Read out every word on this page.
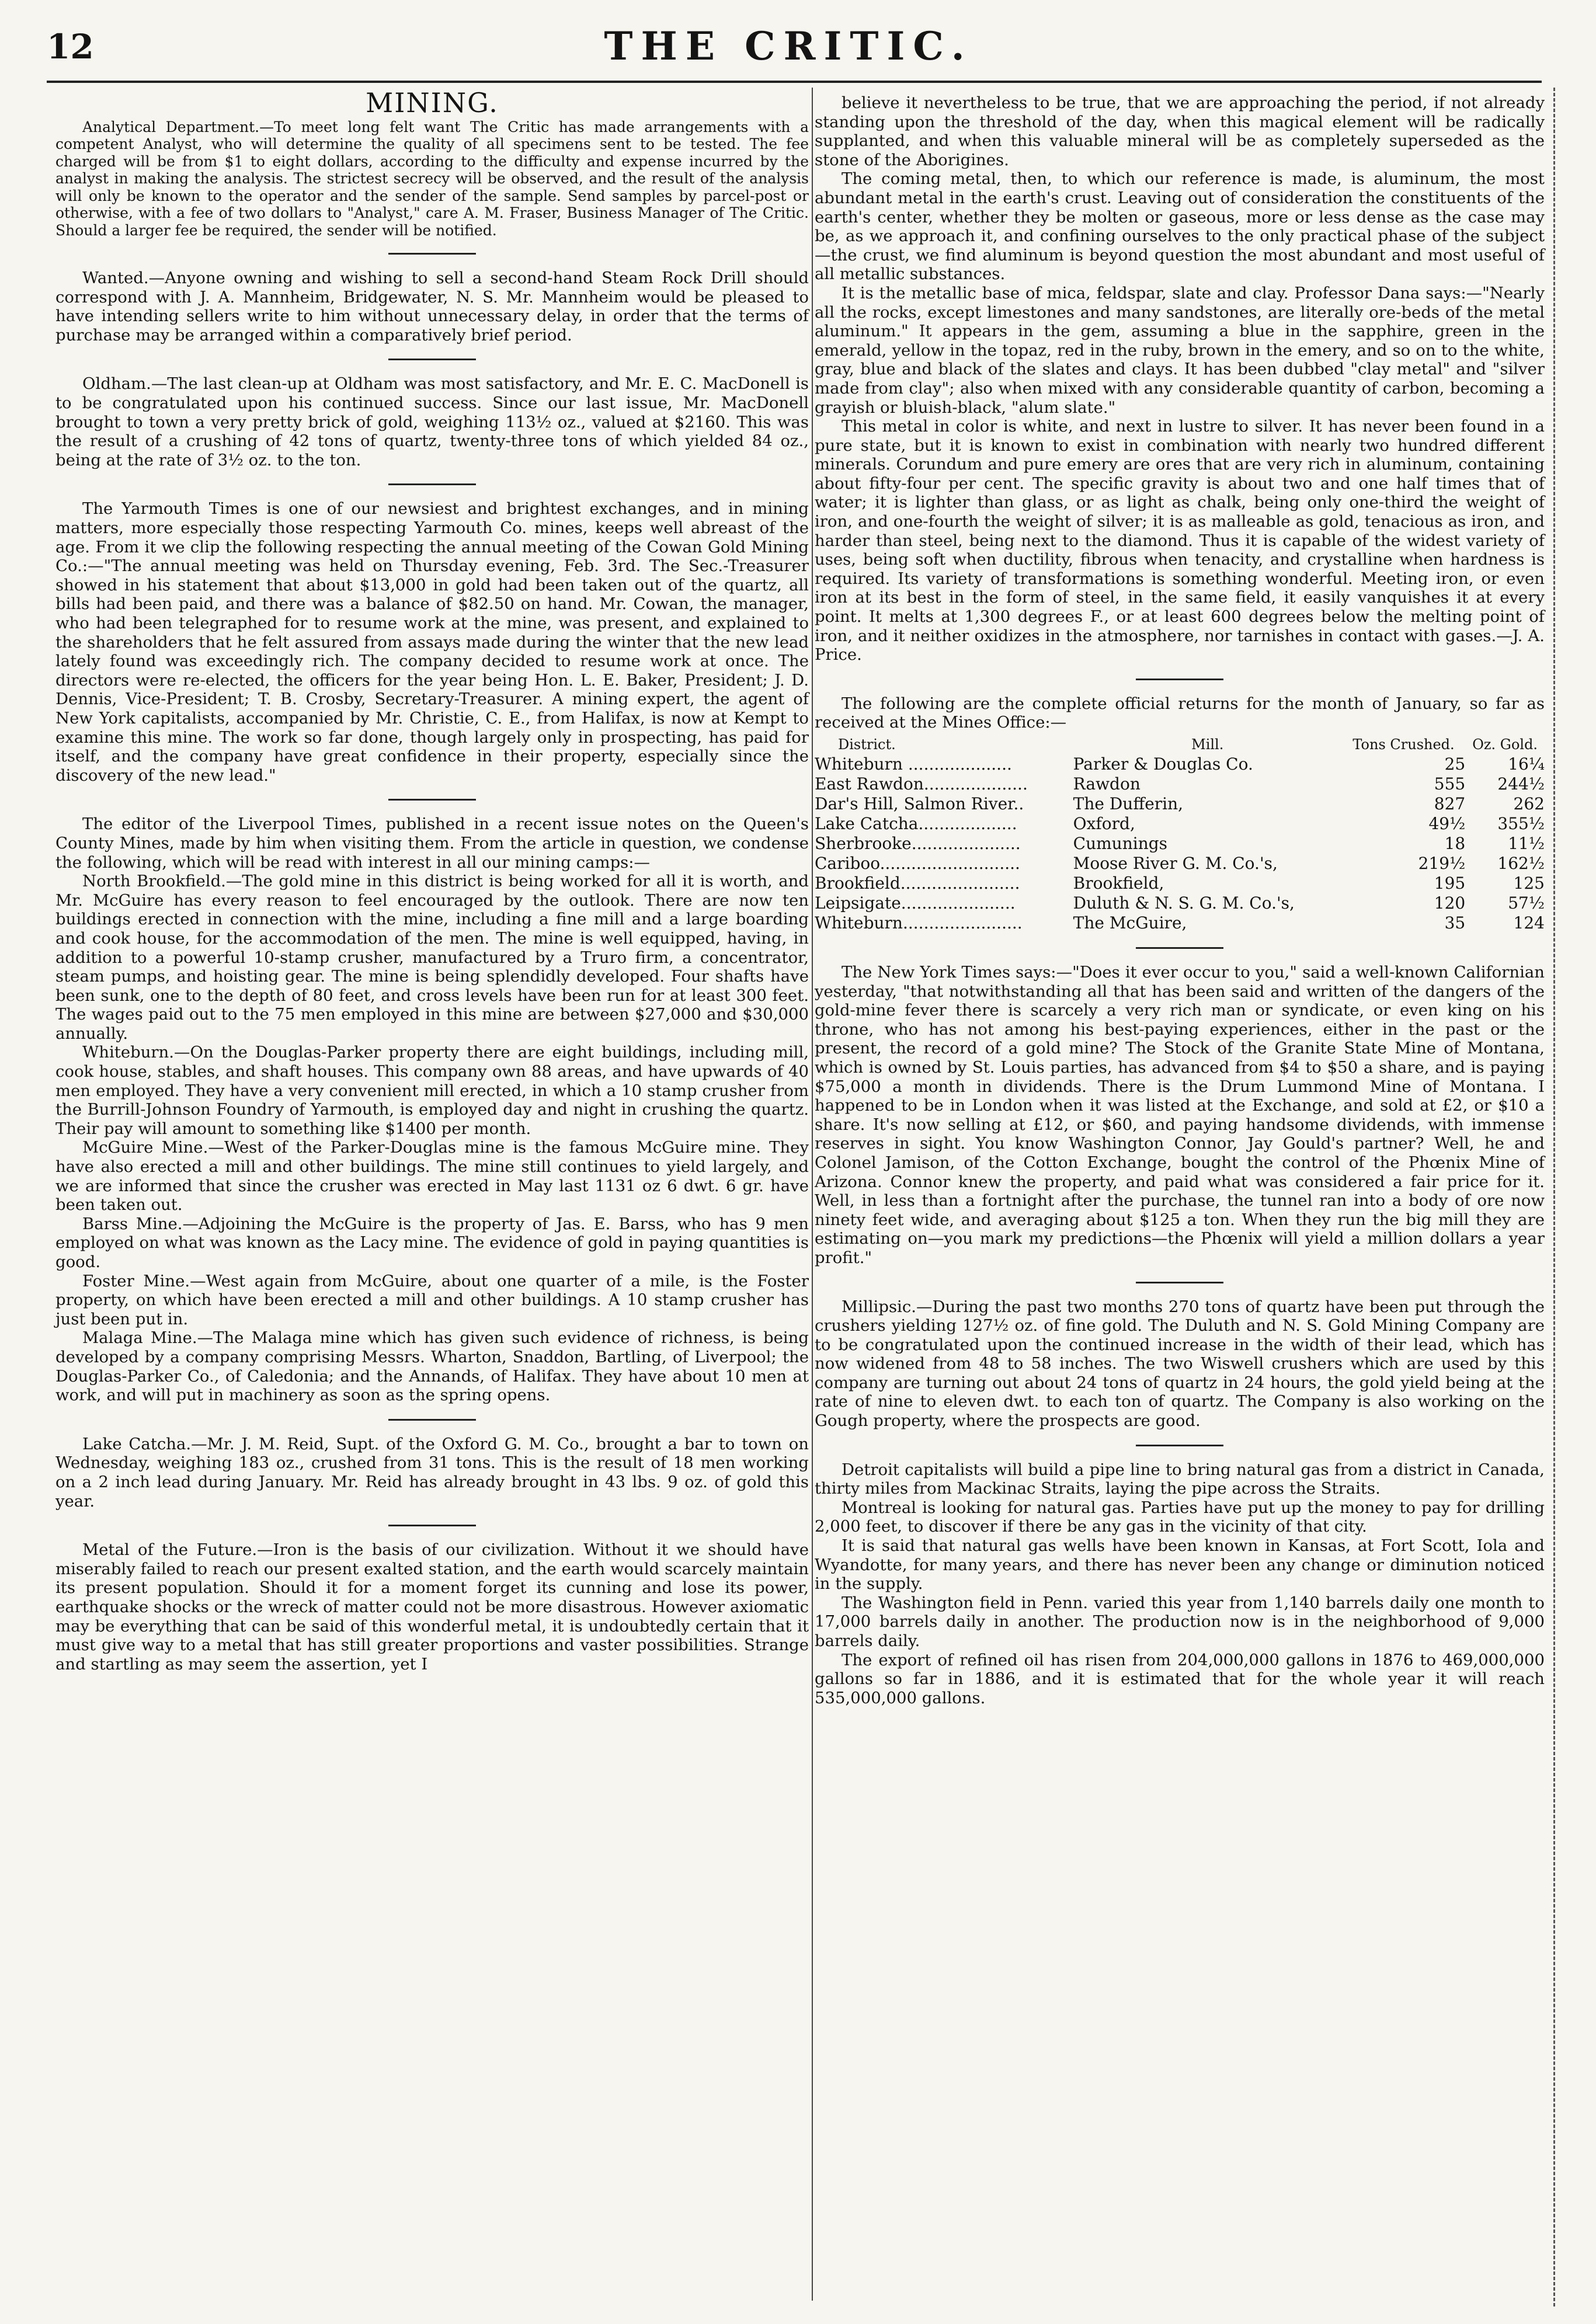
12	THE CRITIC.
MINING.

Analytical Department.—To meet long felt want The Critic has made arrangements with a competent Analyst, who will determine the quality of all specimens sent to be tested. The fee charged will be from $1 to eight dollars, according to the difficulty and expense incurred by the analyst in making the analysis. The strictest secrecy will be observed, and the result of the analysis will only be known to the operator and the sender of the sample. Send samples by parcel-post or otherwise, with a fee of two dollars to "Analyst," care A. M. Fraser, Business Manager of The Critic. Should a larger fee be required, the sender will be notified.

Wanted.—Anyone owning and wishing to sell a second-hand Steam Rock Drill should correspond with J. A. Mannheim, Bridgewater, N. S. Mr. Mannheim would be pleased to have intending sellers write to him without unnecessary delay, in order that the terms of purchase may be arranged within a comparatively brief period.

Oldham.—The last clean-up at Oldham was most satisfactory, and Mr. E. C. MacDonell is to be congratulated upon his continued success. Since our last issue, Mr. MacDonell brought to town a very pretty brick of gold, weighing 113½ oz., valued at $2160. This was the result of a crushing of 42 tons of quartz, twenty-three tons of which yielded 84 oz., being at the rate of 3½ oz. to the ton.

The Yarmouth Times is one of our newsiest and brightest exchanges, and in mining matters, more especially those respecting Yarmouth Co. mines, keeps well abreast of the age. From it we clip the following respecting the annual meeting of the Cowan Gold Mining Co.:—"The annual meeting was held on Thursday evening, Feb. 3rd. The Sec.-Treasurer showed in his statement that about $13,000 in gold had been taken out of the quartz, all bills had been paid, and there was a balance of $82.50 on hand. Mr. Cowan, the manager, who had been telegraphed for to resume work at the mine, was present, and explained to the shareholders that he felt assured from assays made during the winter that the new lead lately found was exceedingly rich. The company decided to resume work at once. The directors were re-elected, the officers for the year being Hon. L. E. Baker, President; J. D. Dennis, Vice-President; T. B. Crosby, Secretary-Treasurer. A mining expert, the agent of New York capitalists, accompanied by Mr. Christie, C. E., from Halifax, is now at Kempt to examine this mine. The work so far done, though largely only in prospecting, has paid for itself, and the company have great confidence in their property, especially since the discovery of the new lead."

The editor of the Liverpool Times, published in a recent issue notes on the Queen's County Mines, made by him when visiting them. From the article in question, we condense the following, which will be read with interest in all our mining camps:—

North Brookfield.—The gold mine in this district is being worked for all it is worth, and Mr. McGuire has every reason to feel encouraged by the outlook. There are now ten buildings erected in connection with the mine, including a fine mill and a large boarding and cook house, for the accommodation of the men. The mine is well equipped, having, in addition to a powerful 10-stamp crusher, manufactured by a Truro firm, a concentrator, steam pumps, and hoisting gear. The mine is being splendidly developed. Four shafts have been sunk, one to the depth of 80 feet, and cross levels have been run for at least 300 feet. The wages paid out to the 75 men employed in this mine are between $27,000 and $30,000 annually.

Whiteburn.—On the Douglas-Parker property there are eight buildings, including mill, cook house, stables, and shaft houses. This company own 88 areas, and have upwards of 40 men employed. They have a very convenient mill erected, in which a 10 stamp crusher from the Burrill-Johnson Foundry of Yarmouth, is employed day and night in crushing the quartz. Their pay will amount to something like $1400 per month.

McGuire Mine.—West of the Parker-Douglas mine is the famous McGuire mine. They have also erected a mill and other buildings. The mine still continues to yield largely, and we are informed that since the crusher was erected in May last 1131 oz 6 dwt. 6 gr. have been taken out.

Barss Mine.—Adjoining the McGuire is the property of Jas. E. Barss, who has 9 men employed on what was known as the Lacy mine. The evidence of gold in paying quantities is good.

Foster Mine.—West again from McGuire, about one quarter of a mile, is the Foster property, on which have been erected a mill and other buildings. A 10 stamp crusher has just been put in.

Malaga Mine.—The Malaga mine which has given such evidence of richness, is being developed by a company comprising Messrs. Wharton, Snaddon, Bartling, of Liverpool; the Douglas-Parker Co., of Caledonia; and the Annands, of Halifax. They have about 10 men at work, and will put in machinery as soon as the spring opens.

Lake Catcha.—Mr. J. M. Reid, Supt. of the Oxford G. M. Co., brought a bar to town on Wednesday, weighing 183 oz., crushed from 31 tons. This is the result of 18 men working on a 2 inch lead during January. Mr. Reid has already brought in 43 lbs. 9 oz. of gold this year.

Metal of the Future.—Iron is the basis of our civilization. Without it we should have miserably failed to reach our present exalted station, and the earth would scarcely maintain its present population. Should it for a moment forget its cunning and lose its power, earthquake shocks or the wreck of matter could not be more disastrous. However axiomatic may be everything that can be said of this wonderful metal, it is undoubtedly certain that it must give way to a metal that has still greater proportions and vaster possibilities. Strange and startling as may seem the assertion, yet I

believe it nevertheless to be true, that we are approaching the period, if not already standing upon the threshold of the day, when this magical element will be radically supplanted, and when this valuable mineral will be as completely superseded as the stone of the Aborigines.

The coming metal, then, to which our reference is made, is aluminum, the most abundant metal in the earth's crust. Leaving out of consideration the constituents of the earth's center, whether they be molten or gaseous, more or less dense as the case may be, as we approach it, and confining ourselves to the only practical phase of the subject—the crust, we find aluminum is beyond question the most abundant and most useful of all metallic substances.

It is the metallic base of mica, feldspar, slate and clay. Professor Dana says:—"Nearly all the rocks, except limestones and many sandstones, are literally ore-beds of the metal aluminum." It appears in the gem, assuming a blue in the sapphire, green in the emerald, yellow in the topaz, red in the ruby, brown in the emery, and so on to the white, gray, blue and black of the slates and clays. It has been dubbed "clay metal" and "silver made from clay"; also when mixed with any considerable quantity of carbon, becoming a grayish or bluish-black, "alum slate."

This metal in color is white, and next in lustre to silver. It has never been found in a pure state, but it is known to exist in combination with nearly two hundred different minerals. Corundum and pure emery are ores that are very rich in aluminum, containing about fifty-four per cent. The specific gravity is about two and one half times that of water; it is lighter than glass, or as light as chalk, being only one-third the weight of iron, and one-fourth the weight of silver; it is as malleable as gold, tenacious as iron, and harder than steel, being next to the diamond. Thus it is capable of the widest variety of uses, being soft when ductility, fibrous when tenacity, and crystalline when hardness is required. Its variety of transformations is something wonderful. Meeting iron, or even iron at its best in the form of steel, in the same field, it easily vanquishes it at every point. It melts at 1,300 degrees F., or at least 600 degrees below the melting point of iron, and it neither oxidizes in the atmosphere, nor tarnishes in contact with gases.—J. A. Price.

The following are the complete official returns for the month of January, so far as received at the Mines Office:—

District.	Mill.	Tons Crushed.	Oz. Gold.
Whiteburn ....................	Parker & Douglas Co.	25	16¼
East Rawdon....................	Rawdon	555	244½
Dar's Hill, Salmon River..	The Dufferin,	827	262
Lake Catcha...................	Oxford,	49½	355½
Sherbrooke.....................	Cumunings	18	11½
Cariboo...........................	Moose River G. M. Co.'s,	219½	162½
Brookfield.......................	Brookfield,	195	125
Leipsigate......................	Duluth & N. S. G. M. Co.'s,	120	57½
Whiteburn.......................	The McGuire,	35	124

The New York Times says:—"Does it ever occur to you," said a well-known Californian yesterday, "that notwithstanding all that has been said and written of the dangers of the gold-mine fever there is scarcely a very rich man or syndicate, or even king on his throne, who has not among his best-paying experiences, either in the past or the present, the record of a gold mine? The Stock of the Granite State Mine of Montana, which is owned by St. Louis parties, has advanced from $4 to $50 a share, and is paying $75,000 a month in dividends. There is the Drum Lummond Mine of Montana. I happened to be in London when it was listed at the Exchange, and sold at £2, or $10 a share. It's now selling at £12, or $60, and paying handsome dividends, with immense reserves in sight. You know Washington Connor, Jay Gould's partner? Well, he and Colonel Jamison, of the Cotton Exchange, bought the control of the Phœnix Mine of Arizona. Connor knew the property, and paid what was considered a fair price for it. Well, in less than a fortnight after the purchase, the tunnel ran into a body of ore now ninety feet wide, and averaging about $125 a ton. When they run the big mill they are estimating on—you mark my predictions—the Phœnix will yield a million dollars a year profit."

Millipsic.—During the past two months 270 tons of quartz have been put through the crushers yielding 127½ oz. of fine gold. The Duluth and N. S. Gold Mining Company are to be congratulated upon the continued increase in the width of their lead, which has now widened from 48 to 58 inches. The two Wiswell crushers which are used by this company are turning out about 24 tons of quartz in 24 hours, the gold yield being at the rate of nine to eleven dwt. to each ton of quartz. The Company is also working on the Gough property, where the prospects are good.

Detroit capitalists will build a pipe line to bring natural gas from a district in Canada, thirty miles from Mackinac Straits, laying the pipe across the Straits.

Montreal is looking for natural gas. Parties have put up the money to pay for drilling 2,000 feet, to discover if there be any gas in the vicinity of that city.

It is said that natural gas wells have been known in Kansas, at Fort Scott, Iola and Wyandotte, for many years, and there has never been any change or diminution noticed in the supply.

The Washington field in Penn. varied this year from 1,140 barrels daily one month to 17,000 barrels daily in another. The production now is in the neighborhood of 9,000 barrels daily.

The export of refined oil has risen from 204,000,000 gallons in 1876 to 469,000,000 gallons so far in 1886, and it is estimated that for the whole year it will reach 535,000,000 gallons.
